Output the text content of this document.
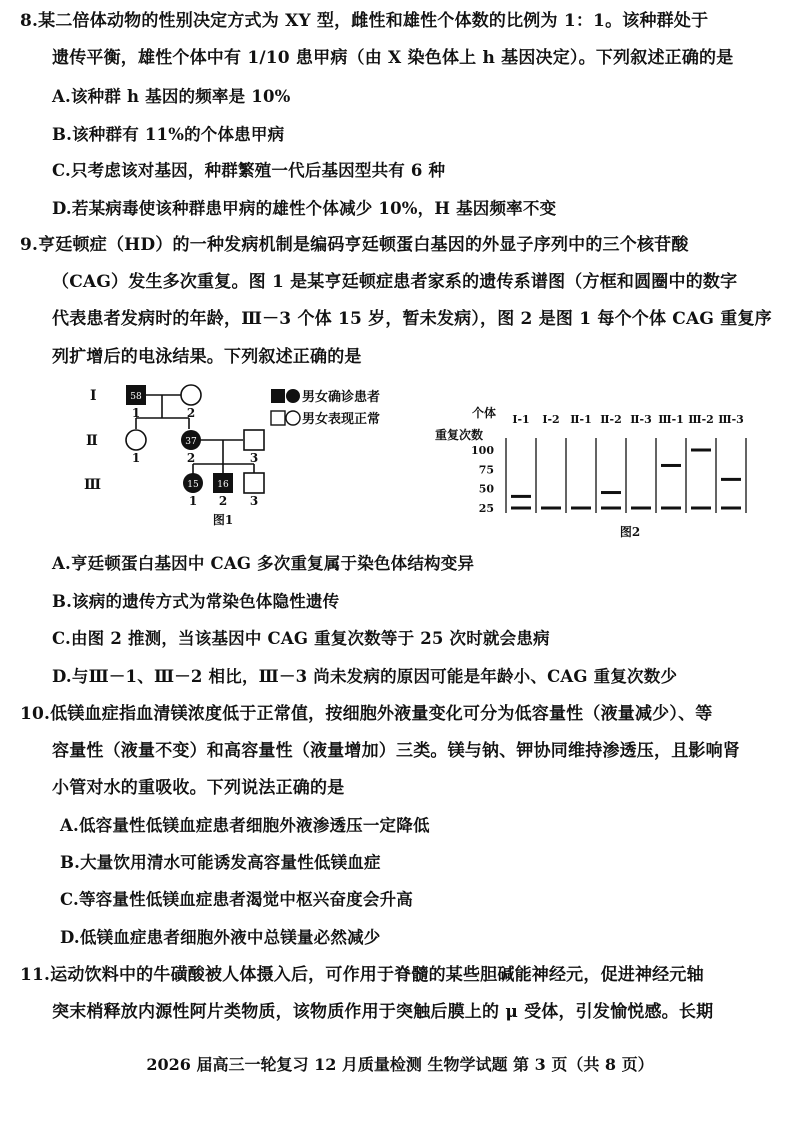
8.某二倍体动物的性别决定方式为 XY 型，雌性和雄性个体数的比例为 1：1。该种群处于
遗传平衡，雄性个体中有 1/10 患甲病（由 X 染色体上 h 基因决定）。下列叙述正确的是
A.该种群 h 基因的频率是 10%
B.该种群有 11%的个体患甲病
C.只考虑该对基因，种群繁殖一代后基因型共有 6 种
D.若某病毒使该种群患甲病的雄性个体减少 10%，H 基因频率不变
9.亨廷顿症（HD）的一种发病机制是编码亨廷顿蛋白基因的外显子序列中的三个核苷酸
（CAG）发生多次重复。图 1 是某亨廷顿症患者家系的遗传系谱图（方框和圆圈中的数字
代表患者发病时的年龄，Ⅲ－3 个体 15 岁，暂未发病），图 2 是图 1 每个个体 CAG 重复序
列扩增后的电泳结果。下列叙述正确的是
58
37
15 16
Ⅰ
Ⅱ
Ⅲ
1	2
1	2	3
1 2 3
图1
男女确诊患者
男女表现正常	个体
重复次数
Ⅰ-1 Ⅰ-2 Ⅱ-1 Ⅱ-2 Ⅱ-3 Ⅲ-1 Ⅲ-2 Ⅲ-3
100
75
50
25
图2
A.亨廷顿蛋白基因中 CAG 多次重复属于染色体结构变异
B.该病的遗传方式为常染色体隐性遗传
C.由图 2 推测，当该基因中 CAG 重复次数等于 25 次时就会患病
D.与Ⅲ－1、Ⅲ－2 相比，Ⅲ－3 尚未发病的原因可能是年龄小、CAG 重复次数少
10.低镁血症指血清镁浓度低于正常值，按细胞外液量变化可分为低容量性（液量减少）、等
容量性（液量不变）和高容量性（液量增加）三类。镁与钠、钾协同维持渗透压，且影响肾
小管对水的重吸收。下列说法正确的是
A.低容量性低镁血症患者细胞外液渗透压一定降低
B.大量饮用清水可能诱发高容量性低镁血症
C.等容量性低镁血症患者渴觉中枢兴奋度会升高
D.低镁血症患者细胞外液中总镁量必然减少
11.运动饮料中的牛磺酸被人体摄入后，可作用于脊髓的某些胆碱能神经元，促进神经元轴
突末梢释放内源性阿片类物质，该物质作用于突触后膜上的 μ 受体，引发愉悦感。长期
2026 届高三一轮复习 12 月质量检测 生物学试题 第 3 页（共 8 页）
